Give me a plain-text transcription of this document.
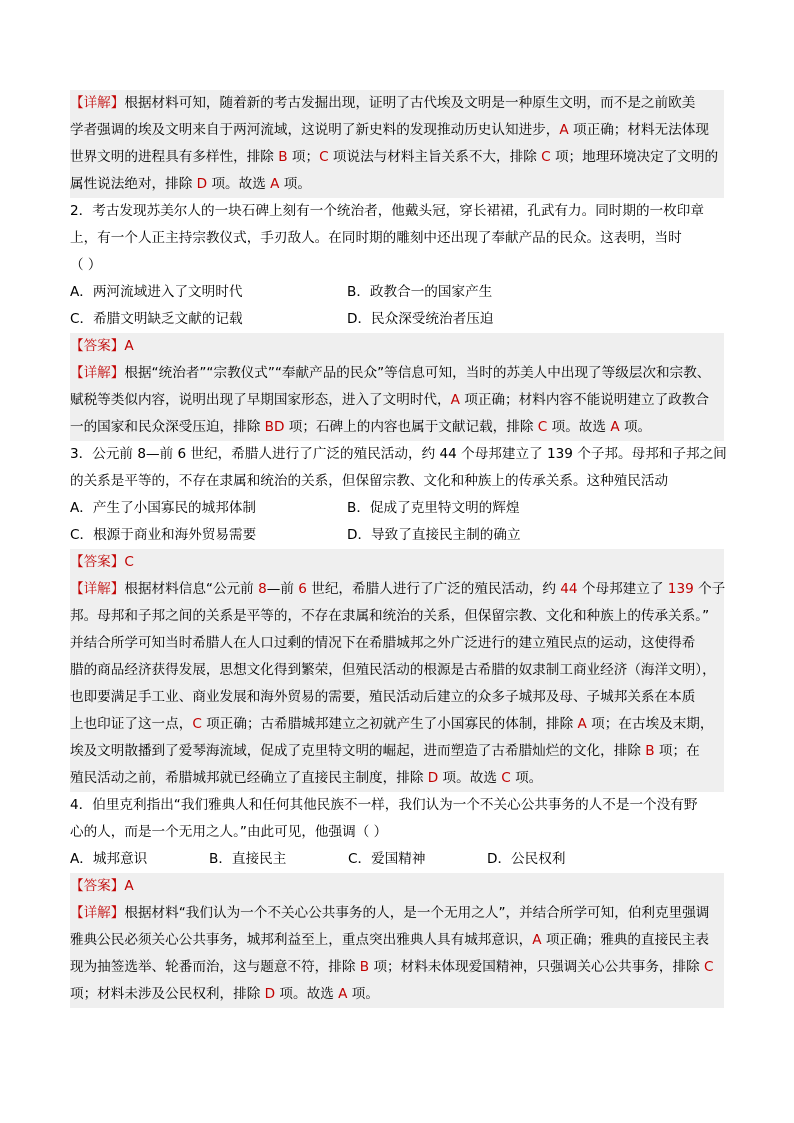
【详解】根据材料可知，随着新的考古发掘出现，证明了古代埃及文明是一种原生文明，而不是之前欧美
学者强调的埃及文明来自于两河流域，这说明了新史料的发现推动历史认知进步，A 项正确；材料无法体现
世界文明的进程具有多样性，排除 B 项；C 项说法与材料主旨关系不大，排除 C 项；地理环境决定了文明的
属性说法绝对，排除 D 项。故选 A 项。
2．考古发现苏美尔人的一块石碑上刻有一个统治者，他戴头冠，穿长裙裙，孔武有力。同时期的一枚印章
上，有一个人正主持宗教仪式，手刃敌人。在同时期的雕刻中还出现了奉献产品的民众。这表明，当时
（ ）
A．两河流域进入了文明时代	B．政教合一的国家产生
C．希腊文明缺乏文献的记载	D．民众深受统治者压迫
【答案】A
【详解】根据“统治者”“宗教仪式”“奉献产品的民众”等信息可知，当时的苏美人中出现了等级层次和宗教、
赋税等类似内容，说明出现了早期国家形态，进入了文明时代，A 项正确；材料内容不能说明建立了政教合
一的国家和民众深受压迫，排除 BD 项；石碑上的内容也属于文献记载，排除 C 项。故选 A 项。
3．公元前 8—前 6 世纪，希腊人进行了广泛的殖民活动，约 44 个母邦建立了 139 个子邦。母邦和子邦之间
的关系是平等的，不存在隶属和统治的关系，但保留宗教、文化和种族上的传承关系。这种殖民活动
A．产生了小国寡民的城邦体制	B．促成了克里特文明的辉煌
C．根源于商业和海外贸易需要	D．导致了直接民主制的确立
【答案】C
【详解】根据材料信息“公元前 8—前 6 世纪，希腊人进行了广泛的殖民活动，约 44 个母邦建立了 139 个子
邦。母邦和子邦之间的关系是平等的，不存在隶属和统治的关系，但保留宗教、文化和种族上的传承关系。”
并结合所学可知当时希腊人在人口过剩的情况下在希腊城邦之外广泛进行的建立殖民点的运动，这使得希
腊的商品经济获得发展，思想文化得到繁荣，但殖民活动的根源是古希腊的奴隶制工商业经济（海洋文明），
也即要满足手工业、商业发展和海外贸易的需要，殖民活动后建立的众多子城邦及母、子城邦关系在本质
上也印证了这一点，C 项正确；古希腊城邦建立之初就产生了小国寡民的体制，排除 A 项；在古埃及末期，
埃及文明散播到了爱琴海流域，促成了克里特文明的崛起，进而塑造了古希腊灿烂的文化，排除 B 项；在
殖民活动之前，希腊城邦就已经确立了直接民主制度，排除 D 项。故选 C 项。
4．伯里克利指出“我们雅典人和任何其他民族不一样，我们认为一个不关心公共事务的人不是一个没有野
心的人，而是一个无用之人。”由此可见，他强调（ ）
A．城邦意识	B．直接民主	C．爱国精神	D．公民权利
【答案】A
【详解】根据材料“我们认为一个不关心公共事务的人，是一个无用之人”，并结合所学可知，伯利克里强调
雅典公民必须关心公共事务，城邦利益至上，重点突出雅典人具有城邦意识，A 项正确；雅典的直接民主表
现为抽签选举、轮番而治，这与题意不符，排除 B 项；材料未体现爱国精神，只强调关心公共事务，排除 C
项；材料未涉及公民权利，排除 D 项。故选 A 项。
